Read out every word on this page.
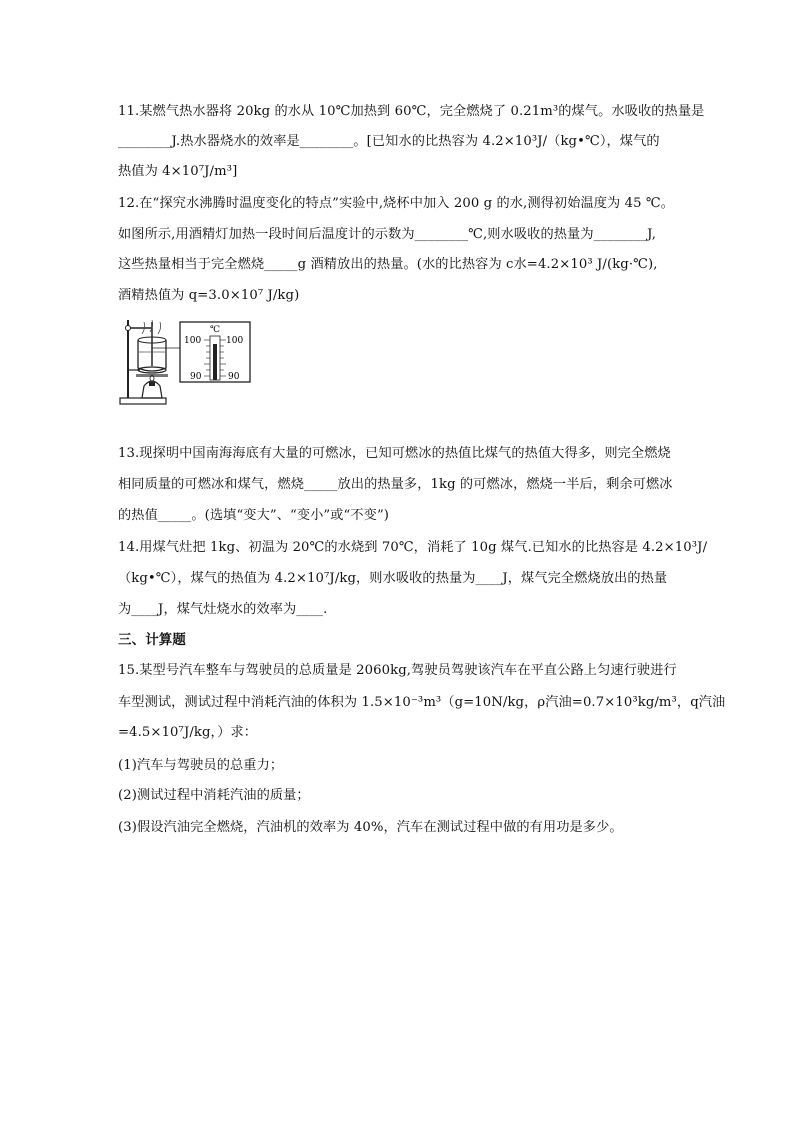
11.某燃气热水器将 20kg 的水从 10℃加热到 60℃，完全燃烧了 0.21m³的煤气。水吸收的热量是
________J.热水器烧水的效率是________。[已知水的比热容为 4.2×10³J/（kg•℃），煤气的
热值为 4×10⁷J/m³]
12.在“探究水沸腾时温度变化的特点”实验中,烧杯中加入 200 g 的水,测得初始温度为 45 ℃。
如图所示,用酒精灯加热一段时间后温度计的示数为________℃,则水吸收的热量为________J,
这些热量相当于完全燃烧_____g 酒精放出的热量。(水的比热容为 c水=4.2×10³ J/(kg·℃),
酒精热值为 q=3.0×10⁷ J/kg)
℃
100	100
90	90
13.现探明中国南海海底有大量的可燃冰，已知可燃冰的热值比煤气的热值大得多，则完全燃烧
相同质量的可燃冰和煤气，燃烧_____放出的热量多，1kg 的可燃冰，燃烧一半后，剩余可燃冰
的热值_____。(选填“变大”、“变小”或“不变”)
14.用煤气灶把 1kg、初温为 20℃的水烧到 70℃，消耗了 10g 煤气.已知水的比热容是 4.2×10³J/
（kg•℃），煤气的热值为 4.2×10⁷J/kg，则水吸收的热量为____J，煤气完全燃烧放出的热量
为____J，煤气灶烧水的效率为____.
三、计算题
15.某型号汽车整车与驾驶员的总质量是 2060kg,驾驶员驾驶该汽车在平直公路上匀速行驶进行
车型测试，测试过程中消耗汽油的体积为 1.5×10⁻³m³（g=10N/kg，ρ汽油=0.7×10³kg/m³，q汽油
=4.5×10⁷J/kg，）求：
(1)汽车与驾驶员的总重力；
(2)测试过程中消耗汽油的质量；
(3)假设汽油完全燃烧，汽油机的效率为 40%，汽车在测试过程中做的有用功是多少。
